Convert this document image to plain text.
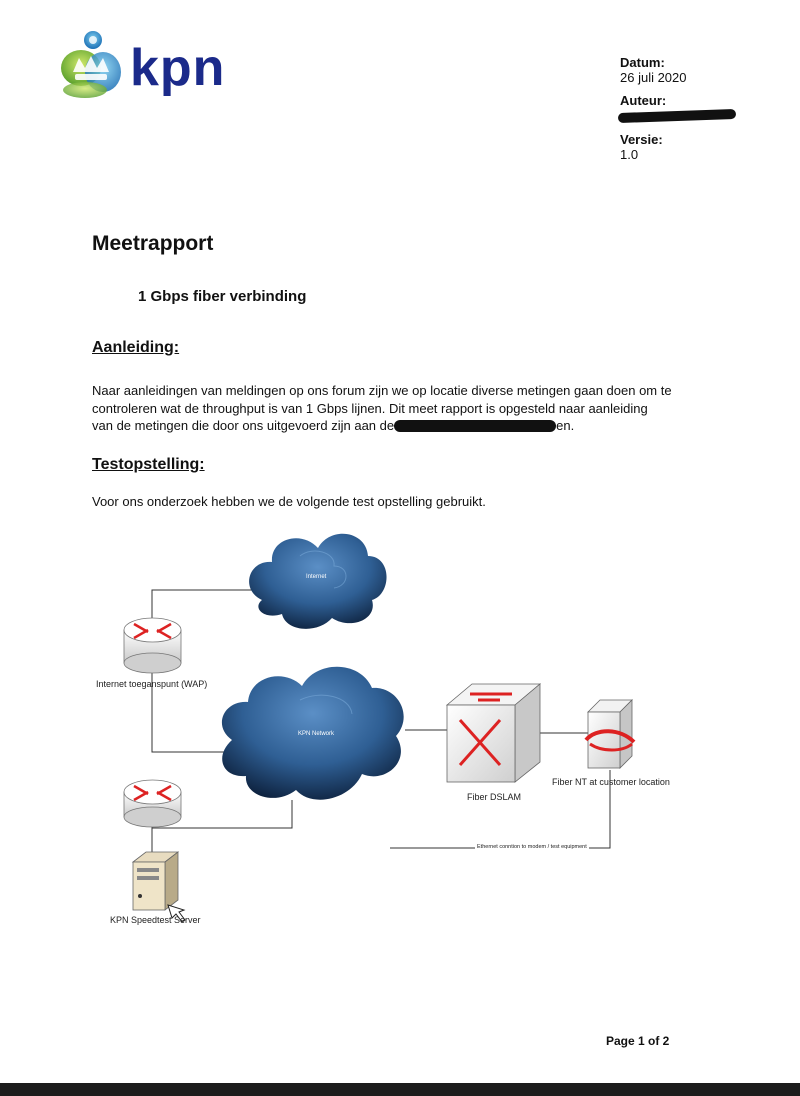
kpn	Datum:
26 juli 2020
Auteur:
Versie:
1.0
Meetrapport
1 Gbps fiber verbinding
Aanleiding:
Naar aanleidingen van meldingen op ons forum zijn we op locatie diverse metingen gaan doen om te
controleren wat de throughput is van 1 Gbps lijnen. Dit meet rapport is opgesteld naar aanleiding
van de metingen die door ons uitgevoerd zijn aan de	en.
Testopstelling:
Voor ons onderzoek hebben we de volgende test opstelling gebruikt.
Internet
Internet toeganspunt (WAP)
KPN Network
Fiber DSLAM
Fiber NT at customer location
Ethernet conntion to modem / test equipment
KPN Speedtest Server
Page 1 of 2
